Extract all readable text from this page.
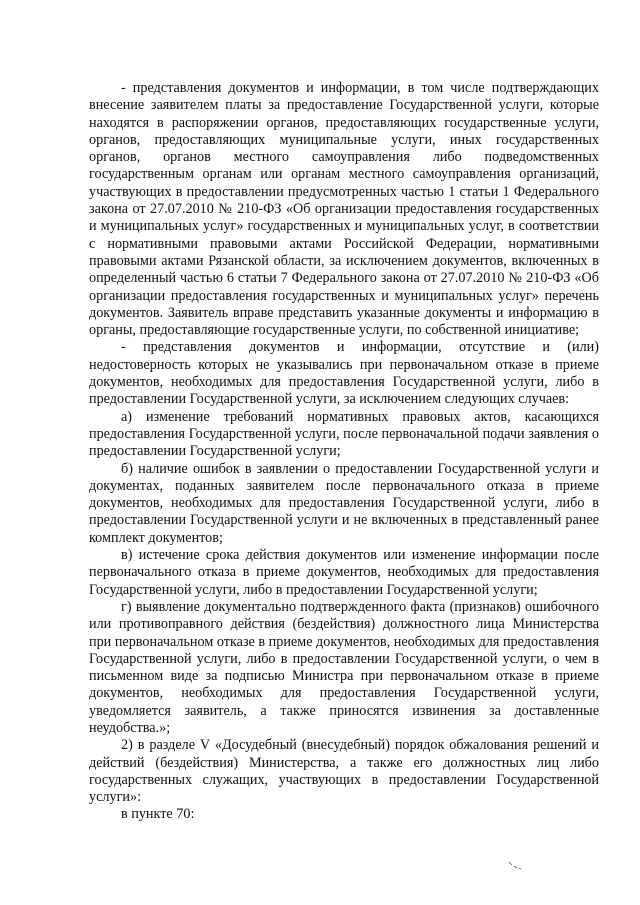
- представления документов и информации, в том числе подтверждающих внесение заявителем платы за предоставление Государственной услуги, которые находятся в распоряжении органов, предоставляющих государственные услуги, органов, предоставляющих муниципальные услуги, иных государственных органов, органов местного самоуправления либо подведомственных государственным органам или органам местного самоуправления организаций, участвующих в предоставлении предусмотренных частью 1 статьи 1 Федерального закона от 27.07.2010 № 210-ФЗ «Об организации предоставления государственных и муниципальных услуг» государственных и муниципальных услуг, в соответствии с нормативными правовыми актами Российской Федерации, нормативными правовыми актами Рязанской области, за исключением документов, включенных в определенный частью 6 статьи 7 Федерального закона от 27.07.2010 № 210-ФЗ «Об организации предоставления государственных и муниципальных услуг» перечень документов. Заявитель вправе представить указанные документы и информацию в органы, предоставляющие государственные услуги, по собственной инициативе;

- представления документов и информации, отсутствие и (или) недостоверность которых не указывались при первоначальном отказе в приеме документов, необходимых для предоставления Государственной услуги, либо в предоставлении Государственной услуги, за исключением следующих случаев:

а) изменение требований нормативных правовых актов, касающихся предоставления Государственной услуги, после первоначальной подачи заявления о предоставлении Государственной услуги;

б) наличие ошибок в заявлении о предоставлении Государственной услуги и документах, поданных заявителем после первоначального отказа в приеме документов, необходимых для предоставления Государственной услуги, либо в предоставлении Государственной услуги и не включенных в представленный ранее комплект документов;

в) истечение срока действия документов или изменение информации после первоначального отказа в приеме документов, необходимых для предоставления Государственной услуги, либо в предоставлении Государственной услуги;

г) выявление документально подтвержденного факта (признаков) ошибочного или противоправного действия (бездействия) должностного лица Министерства при первоначальном отказе в приеме документов, необходимых для предоставления Государственной услуги, либо в предоставлении Государственной услуги, о чем в письменном виде за подписью Министра при первоначальном отказе в приеме документов, необходимых для предоставления Государственной услуги, уведомляется заявитель, а также приносятся извинения за доставленные неудобства.»;

2) в разделе V «Досудебный (внесудебный) порядок обжалования решений и действий (бездействия) Министерства, а также его должностных лиц либо государственных служащих, участвующих в предоставлении Государственной услуги»:

в пункте 70:
